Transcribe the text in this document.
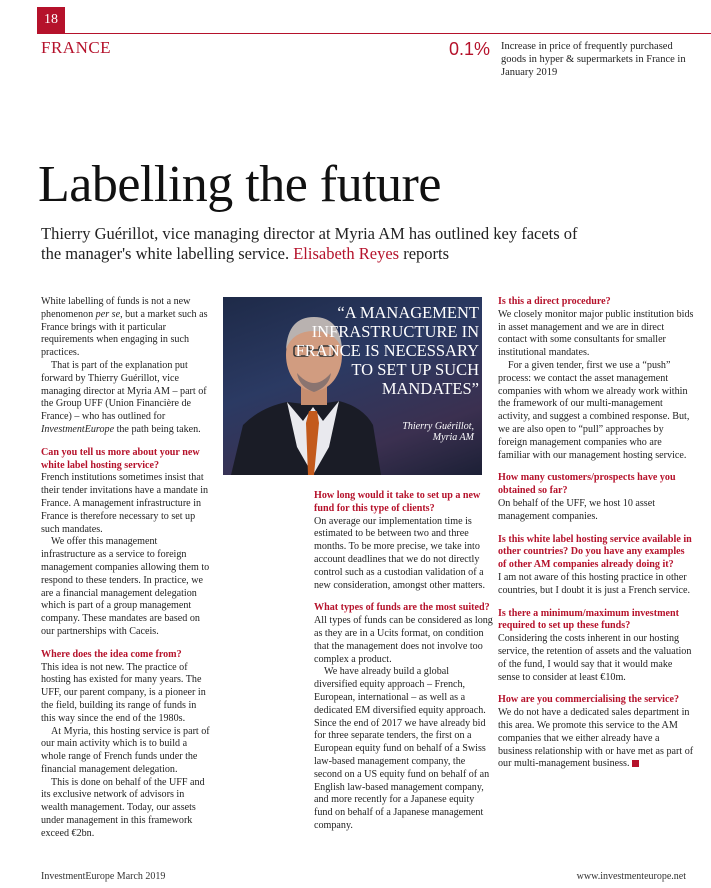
18
FRANCE	0.1% Increase in price of frequently purchased goods in hyper & supermarkets in France in January 2019
Labelling the future
Thierry Guérillot, vice managing director at Myria AM has outlined key facets of the manager's white labelling service. Elisabeth Reyes reports

White labelling of funds is not a new phenomenon per se, but a market such as France brings with it particular requirements when engaging in such practices.

That is part of the explanation put forward by Thierry Guérillot, vice managing director at Myria AM – part of the Group UFF (Union Financière de France) – who has outlined for InvestmentEurope the path being taken.

Can you tell us more about your new white label hosting service?

French institutions sometimes insist that their tender invitations have a mandate in France. A management infrastructure in France is therefore necessary to set up such mandates.

We offer this management infrastructure as a service to foreign management companies allowing them to respond to these tenders. In practice, we are a financial management delegation which is part of a group management company. These mandates are based on our partnerships with Caceis.

Where does the idea come from?

This idea is not new. The practice of hosting has existed for many years. The UFF, our parent company, is a pioneer in the field, building its range of funds in this way since the end of the 1980s.

At Myria, this hosting service is part of our main activity which is to build a whole range of French funds under the financial management delegation.

This is done on behalf of the UFF and its exclusive network of advisors in wealth management. Today, our assets under management in this framework exceed €2bn.

“A MANAGEMENT INFRASTRUCTURE IN FRANCE IS NECESSARY TO SET UP SUCH MANDATES”
Thierry Guérillot,
Myria AM

How long would it take to set up a new fund for this type of clients?

On average our implementation time is estimated to be between two and three months. To be more precise, we take into account deadlines that we do not directly control such as a custodian validation of a new consideration, amongst other matters.

What types of funds are the most suited?

All types of funds can be considered as long as they are in a Ucits format, on condition that the management does not involve too complex a product.

We have already build a global diversified equity approach – French, European, international – as well as a dedicated EM diversified equity approach. Since the end of 2017 we have already bid for three separate tenders, the first on a European equity fund on behalf of a Swiss law-based management company, the second on a US equity fund on behalf of an English law-based management company, and more recently for a Japanese equity fund on behalf of a Japanese management company.

Is this a direct procedure?

We closely monitor major public institution bids in asset management and we are in direct contact with some consultants for smaller institutional mandates.

For a given tender, first we use a “push” process: we contact the asset management companies with whom we already work within the framework of our multi-management activity, and suggest a combined response. But, we are also open to “pull” approaches by foreign management companies who are familiar with our management hosting service.

How many customers/prospects have you obtained so far?

On behalf of the UFF, we host 10 asset management companies.

Is this white label hosting service available in other countries? Do you have any examples of other AM companies already doing it?

I am not aware of this hosting practice in other countries, but I doubt it is just a French service.

Is there a minimum/maximum investment required to set up these funds?

Considering the costs inherent in our hosting service, the retention of assets and the valuation of the fund, I would say that it would make sense to consider at least €10m.

How are you commercialising the service?

We do not have a dedicated sales department in this area. We promote this service to the AM companies that we either already have a business relationship with or have met as part of our multi-management business.

InvestmentEurope March 2019	www.investmenteurope.net
